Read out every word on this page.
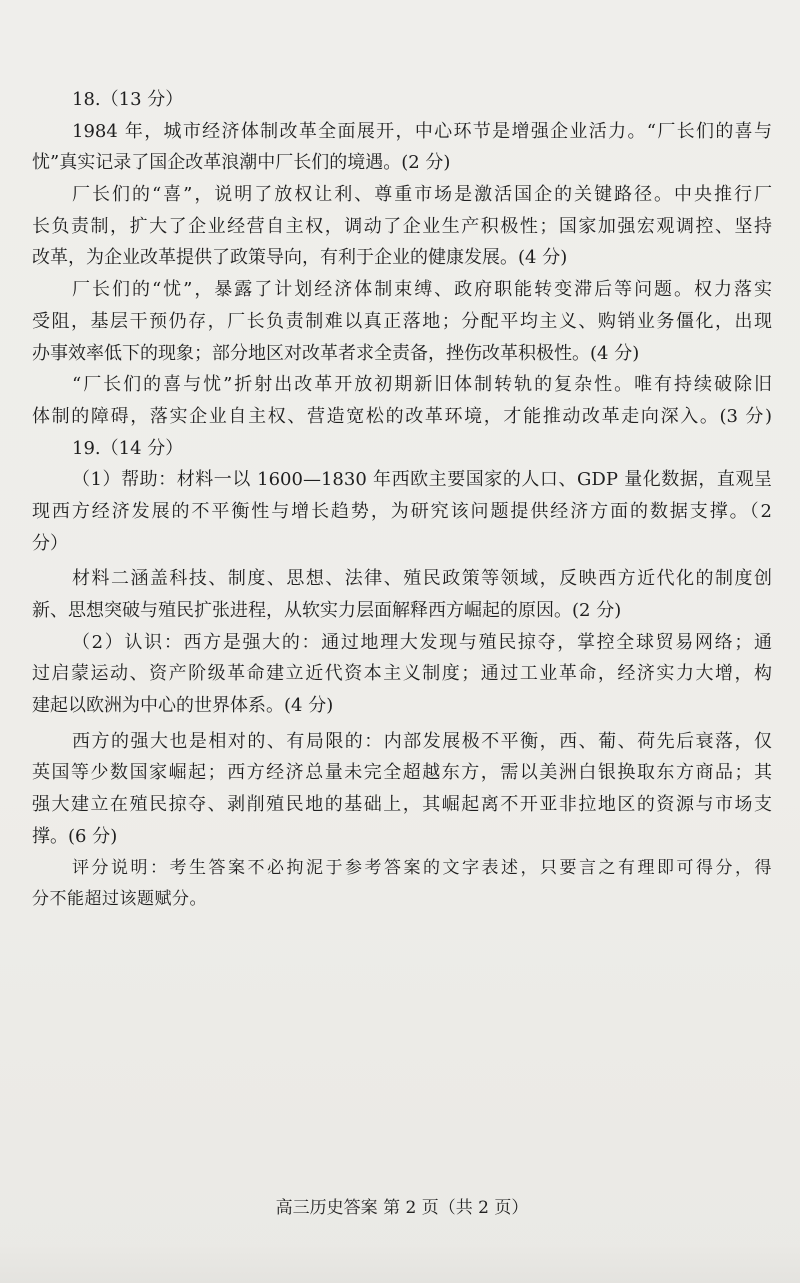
18.（13 分）
1984 年，城市经济体制改革全面展开，中心环节是增强企业活力。“厂长们的喜与
忧”真实记录了国企改革浪潮中厂长们的境遇。(2 分)
厂长们的“喜”，说明了放权让利、尊重市场是激活国企的关键路径。中央推行厂
长负责制，扩大了企业经营自主权，调动了企业生产积极性；国家加强宏观调控、坚持
改革，为企业改革提供了政策导向，有利于企业的健康发展。(4 分)
厂长们的“忧”，暴露了计划经济体制束缚、政府职能转变滞后等问题。权力落实
受阻，基层干预仍存，厂长负责制难以真正落地；分配平均主义、购销业务僵化，出现
办事效率低下的现象；部分地区对改革者求全责备，挫伤改革积极性。(4 分)
“厂长们的喜与忧”折射出改革开放初期新旧体制转轨的复杂性。唯有持续破除旧
体制的障碍，落实企业自主权、营造宽松的改革环境，才能推动改革走向深入。(3 分)
19.（14 分）
（1）帮助：材料一以 1600—1830 年西欧主要国家的人口、GDP 量化数据，直观呈
现西方经济发展的不平衡性与增长趋势，为研究该问题提供经济方面的数据支撑。（2
分）
材料二涵盖科技、制度、思想、法律、殖民政策等领域，反映西方近代化的制度创
新、思想突破与殖民扩张进程，从软实力层面解释西方崛起的原因。(2 分)
（2）认识：西方是强大的：通过地理大发现与殖民掠夺，掌控全球贸易网络；通
过启蒙运动、资产阶级革命建立近代资本主义制度；通过工业革命，经济实力大增，构
建起以欧洲为中心的世界体系。(4 分)
西方的强大也是相对的、有局限的：内部发展极不平衡，西、葡、荷先后衰落，仅
英国等少数国家崛起；西方经济总量未完全超越东方，需以美洲白银换取东方商品；其
强大建立在殖民掠夺、剥削殖民地的基础上，其崛起离不开亚非拉地区的资源与市场支
撑。(6 分)
评分说明：考生答案不必拘泥于参考答案的文字表述，只要言之有理即可得分，得
分不能超过该题赋分。
高三历史答案 第 2 页（共 2 页）
